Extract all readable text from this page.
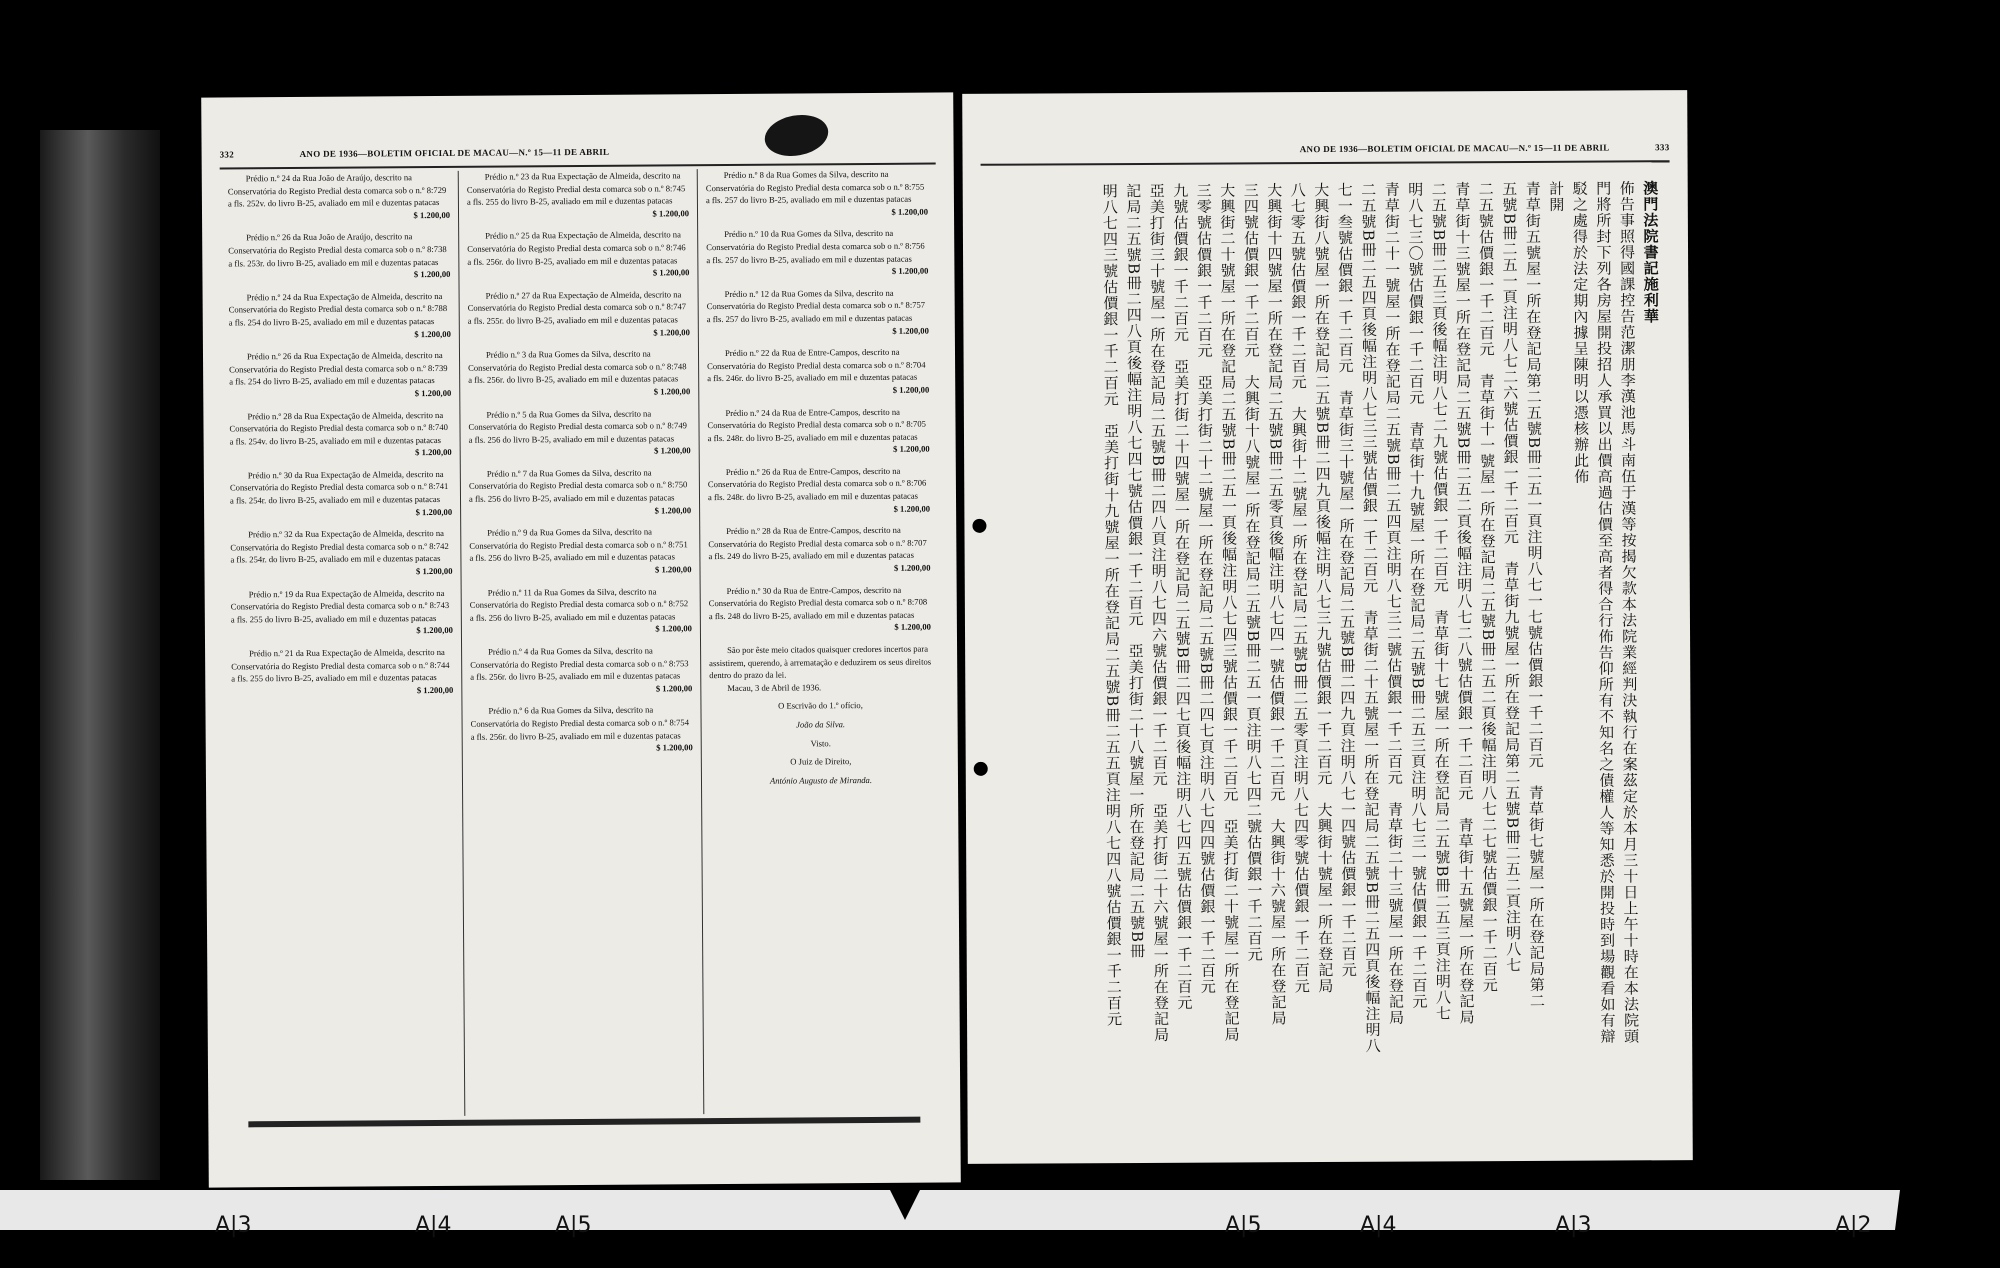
332	ANO DE 1936—BOLETIM OFICIAL DE MACAU—N.º 15—11 DE ABRIL
Prédio n.º 24 da Rua João de Araújo, descrito na Conservatória do Registo Predial desta comarca sob o n.º 8:729 a fls. 252v. do livro B-25, avaliado em mil e duzentas patacas
$ 1.200,00
Prédio n.º 26 da Rua João de Araújo, descrito na Conservatória do Registo Predial desta comarca sob o n.º 8:738 a fls. 253r. do livro B-25, avaliado em mil e duzentas patacas
$ 1.200,00
Prédio n.º 24 da Rua Expectação de Almeida, descrito na Conservatória do Registo Predial desta comarca sob o n.º 8:788 a fls. 254 do livro B-25, avaliado em mil e duzentas patacas
$ 1.200,00
Prédio n.º 26 da Rua Expectação de Almeida, descrito na Conservatória do Registo Predial desta comarca sob o n.º 8:739 a fls. 254 do livro B-25, avaliado em mil e duzentas patacas
$ 1.200,00
Prédio n.º 28 da Rua Expectação de Almeida, descrito na Conservatória do Registo Predial desta comarca sob o n.º 8:740 a fls. 254v. do livro B-25, avaliado em mil e duzentas patacas
$ 1.200,00
Prédio n.º 30 da Rua Expectação de Almeida, descrito na Conservatória do Registo Predial desta comarca sob o n.º 8:741 a fls. 254r. do livro B-25, avaliado em mil e duzentas patacas
$ 1.200,00
Prédio n.º 32 da Rua Expectação de Almeida, descrito na Conservatória do Registo Predial desta comarca sob o n.º 8:742 a fls. 254r. do livro B-25, avaliado em mil e duzentas patacas
$ 1.200,00
Prédio n.º 19 da Rua Expectação de Almeida, descrito na Conservatória do Registo Predial desta comarca sob o n.º 8:743 a fls. 255 do livro B-25, avaliado em mil e duzentas patacas
$ 1.200,00
Prédio n.º 21 da Rua Expectação de Almeida, descrito na Conservatória do Registo Predial desta comarca sob o n.º 8:744 a fls. 255 do livro B-25, avaliado em mil e duzentas patacas
$ 1.200,00
Prédio n.º 23 da Rua Expectação de Almeida, descrito na Conservatória do Registo Predial desta comarca sob o n.º 8:745 a fls. 255 do livro B-25, avaliado em mil e duzentas patacas
$ 1.200,00
Prédio n.º 25 da Rua Expectação de Almeida, descrito na Conservatória do Registo Predial desta comarca sob o n.º 8:746 a fls. 256r. do livro B-25, avaliado em mil e duzentas patacas
$ 1.200,00
Prédio n.º 27 da Rua Expectação de Almeida, descrito na Conservatória do Registo Predial desta comarca sob o n.º 8:747 a fls. 255r. do livro B-25, avaliado em mil e duzentas patacas
$ 1.200,00
Prédio n.º 3 da Rua Gomes da Silva, descrito na Conservatória do Registo Predial desta comarca sob o n.º 8:748 a fls. 256r. do livro B-25, avaliado em mil e duzentas patacas
$ 1.200,00
Prédio n.º 5 da Rua Gomes da Silva, descrito na Conservatória do Registo Predial desta comarca sob o n.º 8:749 a fls. 256 do livro B-25, avaliado em mil e duzentas patacas
$ 1.200,00
Prédio n.º 7 da Rua Gomes da Silva, descrito na Conservatória do Registo Predial desta comarca sob o n.º 8:750 a fls. 256 do livro B-25, avaliado em mil e duzentas patacas
$ 1.200,00
Prédio n.º 9 da Rua Gomes da Silva, descrito na Conservatória do Registo Predial desta comarca sob o n.º 8:751 a fls. 256 do livro B-25, avaliado em mil e duzentas patacas
$ 1.200,00
Prédio n.º 11 da Rua Gomes da Silva, descrito na Conservatória do Registo Predial desta comarca sob o n.º 8:752 a fls. 256 do livro B-25, avaliado em mil e duzentas patacas
$ 1.200,00
Prédio n.º 4 da Rua Gomes da Silva, descrito na Conservatória do Registo Predial desta comarca sob o n.º 8:753 a fls. 256r. do livro B-25, avaliado em mil e duzentas patacas
$ 1.200,00
Prédio n.º 6 da Rua Gomes da Silva, descrito na Conservatória do Registo Predial desta comarca sob o n.º 8:754 a fls. 256r. do livro B-25, avaliado em mil e duzentas patacas
$ 1.200,00
Prédio n.º 8 da Rua Gomes da Silva, descrito na Conservatória do Registo Predial desta comarca sob o n.º 8:755 a fls. 257 do livro B-25, avaliado em mil e duzentas patacas
$ 1.200,00
Prédio n.º 10 da Rua Gomes da Silva, descrito na Conservatória do Registo Predial desta comarca sob o n.º 8:756 a fls. 257 do livro B-25, avaliado em mil e duzentas patacas
$ 1.200,00
Prédio n.º 12 da Rua Gomes da Silva, descrito na Conservatória do Registo Predial desta comarca sob o n.º 8:757 a fls. 257 do livro B-25, avaliado em mil e duzentas patacas
$ 1.200,00
Prédio n.º 22 da Rua de Entre-Campos, descrito na Conservatória do Registo Predial desta comarca sob o n.º 8:704 a fls. 246r. do livro B-25, avaliado em mil e duzentas patacas
$ 1.200,00
Prédio n.º 24 da Rua de Entre-Campos, descrito na Conservatória do Registo Predial desta comarca sob o n.º 8:705 a fls. 248r. do livro B-25, avaliado em mil e duzentas patacas
$ 1.200,00
Prédio n.º 26 da Rua de Entre-Campos, descrito na Conservatória do Registo Predial desta comarca sob o n.º 8:706 a fls. 248r. do livro B-25, avaliado em mil e duzentas patacas
$ 1.200,00
Prédio n.º 28 da Rua de Entre-Campos, descrito na Conservatória do Registo Predial desta comarca sob o n.º 8:707 a fls. 249 do livro B-25, avaliado em mil e duzentas patacas
$ 1.200,00
Prédio n.º 30 da Rua de Entre-Campos, descrito na Conservatória do Registo Predial desta comarca sob o n.º 8:708 a fls. 248 do livro B-25, avaliado em mil e duzentas patacas
$ 1.200,00
São por êste meio citados quaisquer credores incertos para assistirem, querendo, à arrematação e deduzirem os seus direitos dentro do prazo da lei.
Macau, 3 de Abril de 1936.
O Escrivão do 1.º ofício,
João da Silva.
Visto.
O Juiz de Direito,
António Augusto de Miranda.
ANO DE 1936—BOLETIM OFICIAL DE MACAU—N.º 15—11 DE ABRIL	333
澳門法院書記施利華
佈告事照得國課控告范潔朋李漢池馬斗南伍于漢等按揭欠款本法院業經判決執行在案茲定於本月三十日上午十時在本法院頭
門將所封下列各房屋開投招人承買以出價高過估價至高者得合行佈告仰所有不知名之債權人等知悉於開投時到場觀看如有辯
駁之處得於法定期內據呈陳明以憑核辦此佈
計開
青草街五號屋一所在登記局第二五號B冊二五一頁注明八七一七號估價銀一千二百元　青草街七號屋一所在登記局第二
五號B冊二五一頁注明八七二六號估價銀一千二百元　青草街九號屋一所在登記局第二五號B冊二五二頁注明八七
二五號估價銀一千二百元　青草街十一號屋一所在登記局二五號B冊二五二頁後幅注明八七二七號估價銀一千二百元
青草街十三號屋一所在登記局二五號B冊二五二頁後幅注明八七二八號估價銀一千二百元　青草街十五號屋一所在登記局
二五號B冊二五三頁後幅注明八七二九號估價銀一千二百元　青草街十七號屋一所在登記局二五號B冊二五三頁注明八七
明八七三〇號估價銀一千二百元　青草街十九號屋一所在登記局二五號B冊二五三頁注明八七三一號估價銀一千二百元
青草街二十一號屋一所在登記局二五號B冊二五四頁注明八七三二號估價銀一千二百元　青草街二十三號屋一所在登記局
二五號B冊二五四頁後幅注明八七三三號估價銀一千二百元　青草街二十五號屋一所在登記局二五號B冊二五四頁後幅注明八
七一叁號估價銀一千二百元　青草街三十號屋一所在登記局二五號B冊二四九頁注明八七一四號估價銀一千二百元
大興街八號屋一所在登記局二五號B冊二四九頁後幅注明八七三九號估價銀一千二百元　大興街十號屋一所在登記局
八七零五號估價銀一千二百元　大興街十二號屋一所在登記局二五號B冊二五零頁注明八七四零號估價銀一千二百元
大興街十四號屋一所在登記局二五號B冊二五零頁後幅注明八七四一號估價銀一千二百元　大興街十六號屋一所在登記局
三四號估價銀一千二百元　大興街十八號屋一所在登記局二五號B冊二五一頁注明八七四二號估價銀一千二百元
大興街二十號屋一所在登記局二五號B冊二五一頁後幅注明八七四三號估價銀一千二百元　亞美打街二十號屋一所在登記局
三零號估價銀一千二百元　亞美打街二十二號屋一所在登記局二五號B冊二四七頁注明八七四四號估價銀一千二百元
九號估價銀一千二百元　亞美打街二十四號屋一所在登記局二五號B冊二四七頁後幅注明八七四五號估價銀一千二百元
亞美打街三十號屋一所在登記局二五號B冊二四八頁注明八七四六號估價銀一千二百元　亞美打街二十六號屋一所在登記局
記局二五號B冊二四八頁後幅注明八七四七號估價銀一千二百元　亞美打街二十八號屋一所在登記局二五號B冊
明八七四三號估價銀一千二百元　亞美打街十九號屋一所在登記局二五號B冊二五五頁注明八七四八號估價銀一千二百元
A|3	A|4	A|5	A|5	A|4	A|3	A|2
